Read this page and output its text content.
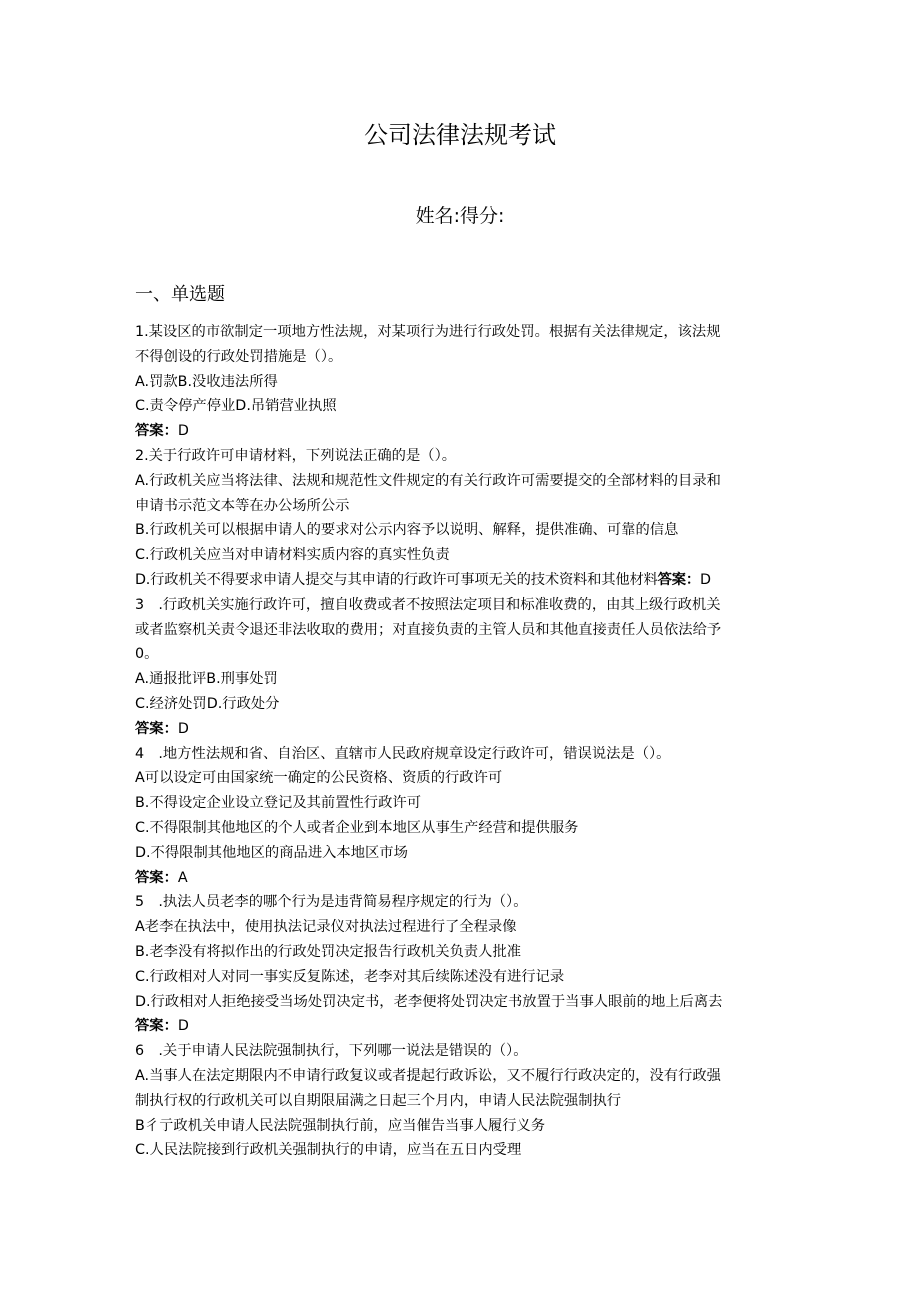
公司法律法规考试
姓名:得分:
一、单选题
1.某设区的市欲制定一项地方性法规，对某项行为进行行政处罚。根据有关法律规定，该法规
不得创设的行政处罚措施是（）。
A.罚款B.没收违法所得
C.责令停产停业D.吊销营业执照
答案：D
2.关于行政许可申请材料，下列说法正确的是（）。
A.行政机关应当将法律、法规和规范性文件规定的有关行政许可需要提交的全部材料的目录和
申请书示范文本等在办公场所公示
B.行政机关可以根据申请人的要求对公示内容予以说明、解释，提供准确、可靠的信息
C.行政机关应当对申请材料实质内容的真实性负责
D.行政机关不得要求申请人提交与其申请的行政许可事项无关的技术资料和其他材料答案：D
3　.行政机关实施行政许可，擅自收费或者不按照法定项目和标准收费的，由其上级行政机关
或者监察机关责令退还非法收取的费用；对直接负责的主管人员和其他直接责任人员依法给予
0。
A.通报批评B.刑事处罚
C.经济处罚D.行政处分
答案：D
4　.地方性法规和省、自治区、直辖市人民政府规章设定行政许可，错误说法是（）。
A可以设定可由国家统一确定的公民资格、资质的行政许可
B.不得设定企业设立登记及其前置性行政许可
C.不得限制其他地区的个人或者企业到本地区从事生产经营和提供服务
D.不得限制其他地区的商品进入本地区市场
答案：A
5　.执法人员老李的哪个行为是违背简易程序规定的行为（）。
A老李在执法中，使用执法记录仪对执法过程进行了全程录像
B.老李没有将拟作出的行政处罚决定报告行政机关负责人批准
C.行政相对人对同一事实反复陈述，老李对其后续陈述没有进行记录
D.行政相对人拒绝接受当场处罚决定书，老李便将处罚决定书放置于当事人眼前的地上后离去
答案：D
6　.关于申请人民法院强制执行，下列哪一说法是错误的（）。
A.当事人在法定期限内不申请行政复议或者提起行政诉讼，又不履行行政决定的，没有行政强
制执行权的行政机关可以自期限届满之日起三个月内，申请人民法院强制执行
B彳亍政机关申请人民法院强制执行前，应当催告当事人履行义务
C.人民法院接到行政机关强制执行的申请，应当在五日内受理
